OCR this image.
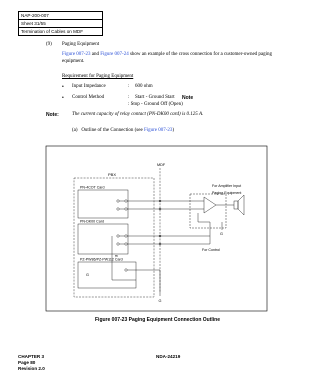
NAP-200-007
Sheet 31/55
Termination of Cables on MDF
(9) Paging Equipment
Figure 007-23 and Figure 007-24 show an example of the cross connection for a customer-owned paging
equipment.
Requirement for Paging Equipment
• Input Impedance	: 600 ohm
• Control Method	: Start - Ground Start Note
: Stop - Ground Off (Open)
Note:	The current capacity of relay contact (PN-DK00 card) is 0.125 A.
(a) Outline of the Connection (see Figure 007-23)
PBX
PN-4COT Card
PN-DK00 Card
PZ-PW86/PZ-PW112 Card
G
MDF
G
G
For Amplifier Input
Paging Equipment
For Control
E
Figure 007-23 Paging Equipment Connection Outline
CHAPTER 3
Page 80
Revision 2.0
NDA-24219
